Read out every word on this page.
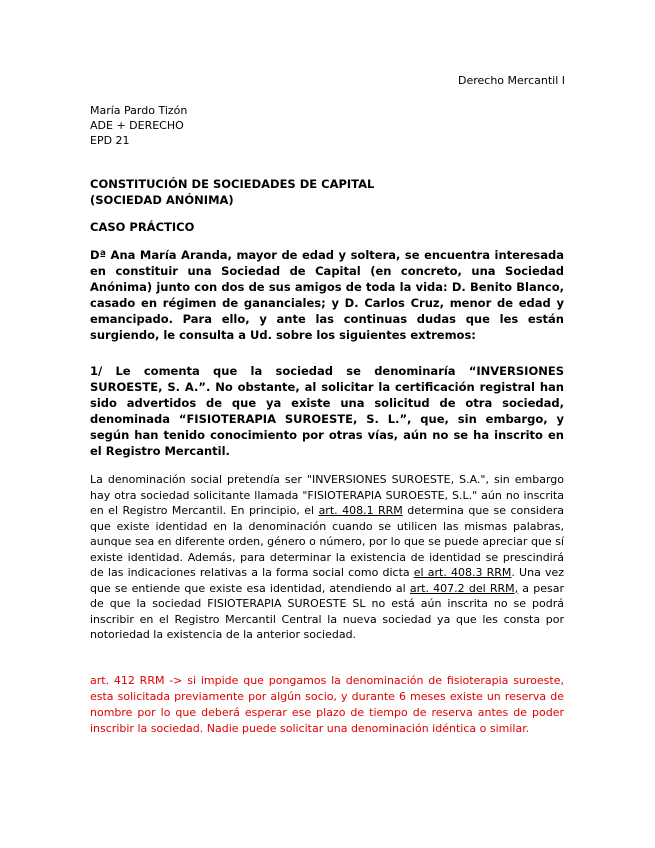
Derecho Mercantil I
María Pardo Tizón
ADE + DERECHO
EPD 21
CONSTITUCIÓN DE SOCIEDADES DE CAPITAL (SOCIEDAD ANÓNIMA)
CASO PRÁCTICO

Dª Ana María Aranda, mayor de edad y soltera, se encuentra interesada en constituir una Sociedad de Capital (en concreto, una Sociedad Anónima) junto con dos de sus amigos de toda la vida: D. Benito Blanco, casado en régimen de gananciales; y D. Carlos Cruz, menor de edad y emancipado. Para ello, y ante las continuas dudas que les están surgiendo, le consulta a Ud. sobre los siguientes extremos:

1/ Le comenta que la sociedad se denominaría “INVERSIONES SUROESTE, S. A.”. No obstante, al solicitar la certificación registral han sido advertidos de que ya existe una solicitud de otra sociedad, denominada “FISIOTERAPIA SUROESTE, S. L.”, que, sin embargo, y según han tenido conocimiento por otras vías, aún no se ha inscrito en el Registro Mercantil.

La denominación social pretendía ser "INVERSIONES SUROESTE, S.A.", sin embargo hay otra sociedad solicitante llamada "FISIOTERAPIA SUROESTE, S.L." aún no inscrita en el Registro Mercantil. En principio, el art. 408.1 RRM determina que se considera que existe identidad en la denominación cuando se utilicen las mismas palabras, aunque sea en diferente orden, género o número, por lo que se puede apreciar que sí existe identidad. Además, para determinar la existencia de identidad se prescindirá de las indicaciones relativas a la forma social como dicta el art. 408.3 RRM. Una vez que se entiende que existe esa identidad, atendiendo al art. 407.2 del RRM, a pesar de que la sociedad FISIOTERAPIA SUROESTE SL no está aún inscrita no se podrá inscribir en el Registro Mercantil Central la nueva sociedad ya que les consta por notoriedad la existencia de la anterior sociedad.

art. 412 RRM -> si impide que pongamos la denominación de fisioterapia suroeste, esta solicitada previamente por algún socio, y durante 6 meses existe un reserva de nombre por lo que deberá esperar ese plazo de tiempo de reserva antes de poder inscribir la sociedad. Nadie puede solicitar una denominación idéntica o similar.
